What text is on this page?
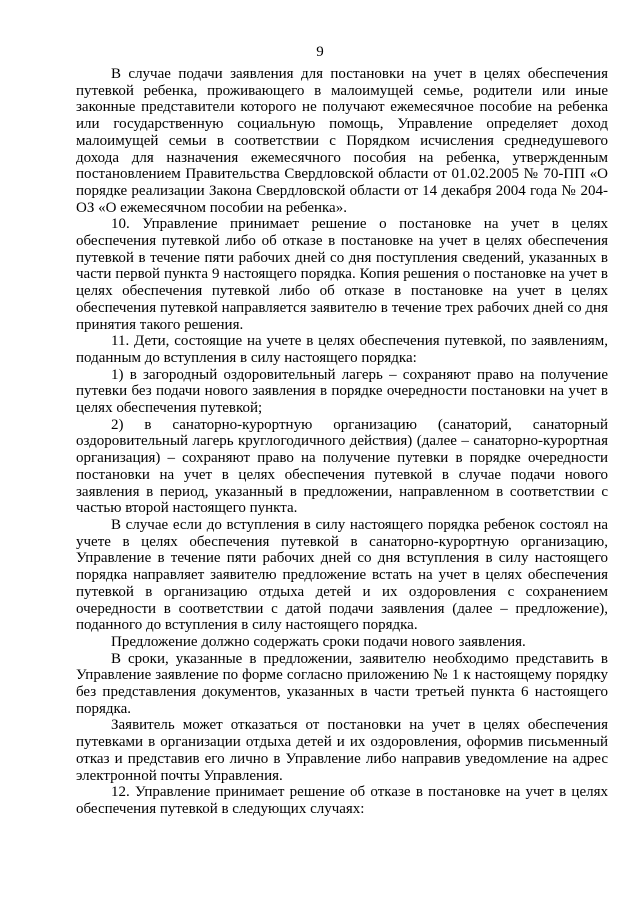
9

В случае подачи заявления для постановки на учет в целях обеспечения путевкой ребенка, проживающего в малоимущей семье, родители или иные законные представители которого не получают ежемесячное пособие на ребенка или государственную социальную помощь, Управление определяет доход малоимущей семьи в соответствии с Порядком исчисления среднедушевого дохода для назначения ежемесячного пособия на ребенка, утвержденным постановлением Правительства Свердловской области от 01.02.2005 № 70-ПП «О порядке реализации Закона Свердловской области от 14 декабря 2004 года № 204-ОЗ «О ежемесячном пособии на ребенка».

10. Управление принимает решение о постановке на учет в целях обеспечения путевкой либо об отказе в постановке на учет в целях обеспечения путевкой в течение пяти рабочих дней со дня поступления сведений, указанных в части первой пункта 9 настоящего порядка. Копия решения о постановке на учет в целях обеспечения путевкой либо об отказе в постановке на учет в целях обеспечения путевкой направляется заявителю в течение трех рабочих дней со дня принятия такого решения.

11. Дети, состоящие на учете в целях обеспечения путевкой, по заявлениям, поданным до вступления в силу настоящего порядка:

1) в загородный оздоровительный лагерь – сохраняют право на получение путевки без подачи нового заявления в порядке очередности постановки на учет в целях обеспечения путевкой;

2) в санаторно-курортную организацию (санаторий, санаторный оздоровительный лагерь круглогодичного действия) (далее – санаторно-курортная организация) – сохраняют право на получение путевки в порядке очередности постановки на учет в целях обеспечения путевкой в случае подачи нового заявления в период, указанный в предложении, направленном в соответствии с частью второй настоящего пункта.

В случае если до вступления в силу настоящего порядка ребенок состоял на учете в целях обеспечения путевкой в санаторно-курортную организацию, Управление в течение пяти рабочих дней со дня вступления в силу настоящего порядка направляет заявителю предложение встать на учет в целях обеспечения путевкой в организацию отдыха детей и их оздоровления с сохранением очередности в соответствии с датой подачи заявления (далее – предложение), поданного до вступления в силу настоящего порядка.

Предложение должно содержать сроки подачи нового заявления.

В сроки, указанные в предложении, заявителю необходимо представить в Управление заявление по форме согласно приложению № 1 к настоящему порядку без представления документов, указанных в части третьей пункта 6 настоящего порядка.

Заявитель может отказаться от постановки на учет в целях обеспечения путевками в организации отдыха детей и их оздоровления, оформив письменный отказ и представив его лично в Управление либо направив уведомление на адрес электронной почты Управления.

12. Управление принимает решение об отказе в постановке на учет в целях обеспечения путевкой в следующих случаях:
